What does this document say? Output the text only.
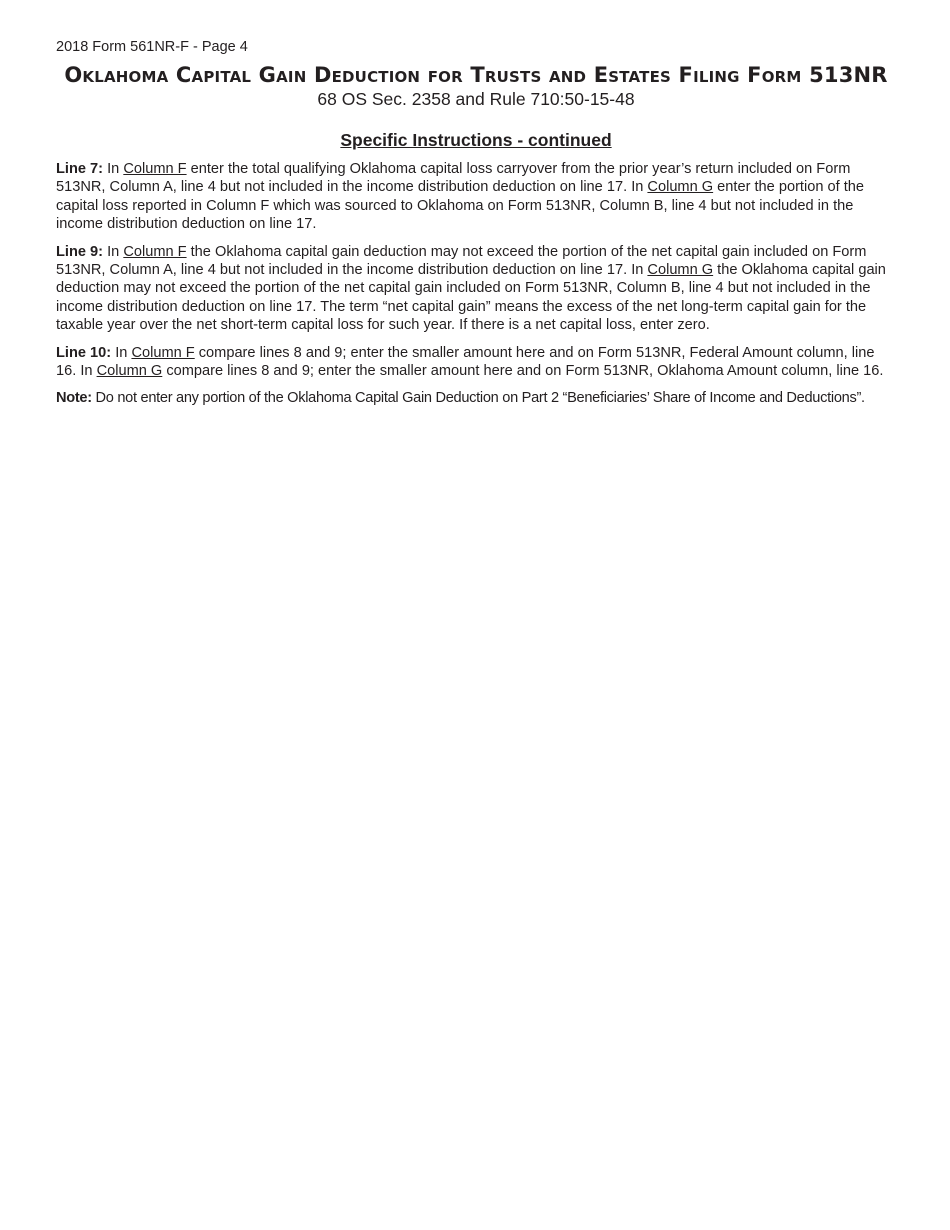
2018 Form 561NR-F - Page 4

Oklahoma Capital Gain Deduction for Trusts and Estates Filing Form 513NR

68 OS Sec. 2358 and Rule 710:50-15-48

Specific Instructions - continued

Line 7: In Column F enter the total qualifying Oklahoma capital loss carryover from the prior year’s return included on Form 513NR, Column A, line 4 but not included in the income distribution deduction on line 17. In Column G enter the portion of the capital loss reported in Column F which was sourced to Oklahoma on Form 513NR, Column B, line 4 but not included in the income distribution deduction on line 17.

Line 9: In Column F the Oklahoma capital gain deduction may not exceed the portion of the net capital gain included on Form 513NR, Column A, line 4 but not included in the income distribution deduction on line 17. In Column G the Oklahoma capital gain deduction may not exceed the portion of the net capital gain included on Form 513NR, Column B, line 4 but not included in the income distribution deduction on line 17. The term “net capital gain” means the excess of the net long-term capital gain for the taxable year over the net short-term capital loss for such year. If there is a net capital loss, enter zero.

Line 10: In Column F compare lines 8 and 9; enter the smaller amount here and on Form 513NR, Federal Amount column, line 16. In Column G compare lines 8 and 9; enter the smaller amount here and on Form 513NR, Oklahoma Amount column, line 16.

Note: Do not enter any portion of the Oklahoma Capital Gain Deduction on Part 2 “Beneficiaries’ Share of Income and Deductions”.
